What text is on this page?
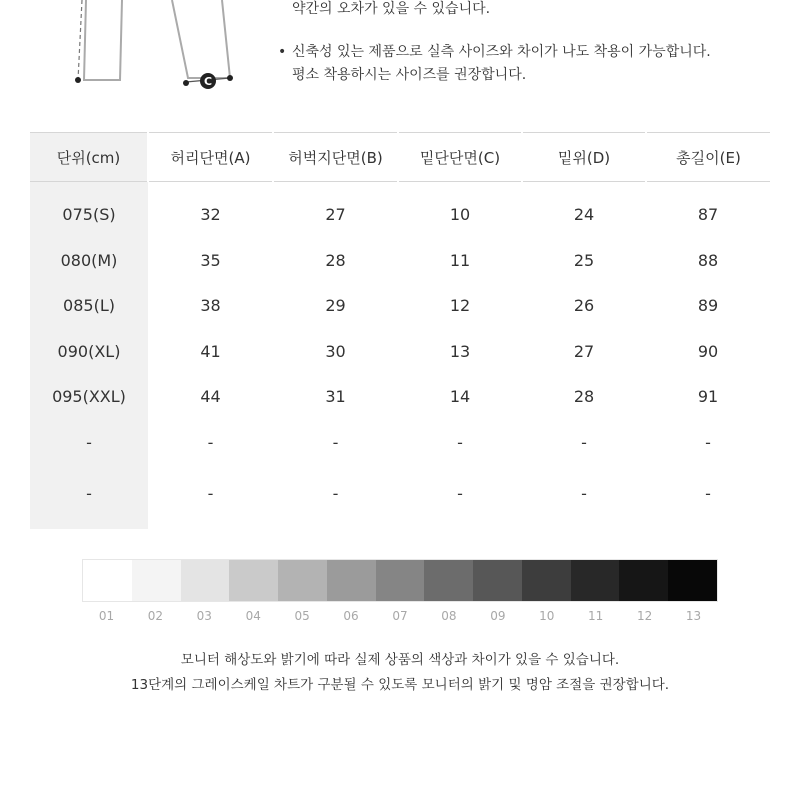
C
약간의 오차가 있을 수 있습니다.
• 신축성 있는 제품으로 실측 사이즈와 차이가 나도 착용이 가능합니다.
평소 착용하시는 사이즈를 권장합니다.
단위(cm)	허리단면(A)	허벅지단면(B)	밑단단면(C)	밑위(D)	총길이(E)
075(S)	32	27	10	24	87
080(M)	35	28	11	25	88
085(L)	38	29	12	26	89
090(XL)	41	30	13	27	90
095(XXL)	44	31	14	28	91
-	-	-	-	-	-
-	-	-	-	-	-
01	02	03	04	05	06	07	08	09	10	11	12	13
모니터 해상도와 밝기에 따라 실제 상품의 색상과 차이가 있을 수 있습니다.
13단계의 그레이스케일 차트가 구분될 수 있도록 모니터의 밝기 및 명암 조절을 권장합니다.
